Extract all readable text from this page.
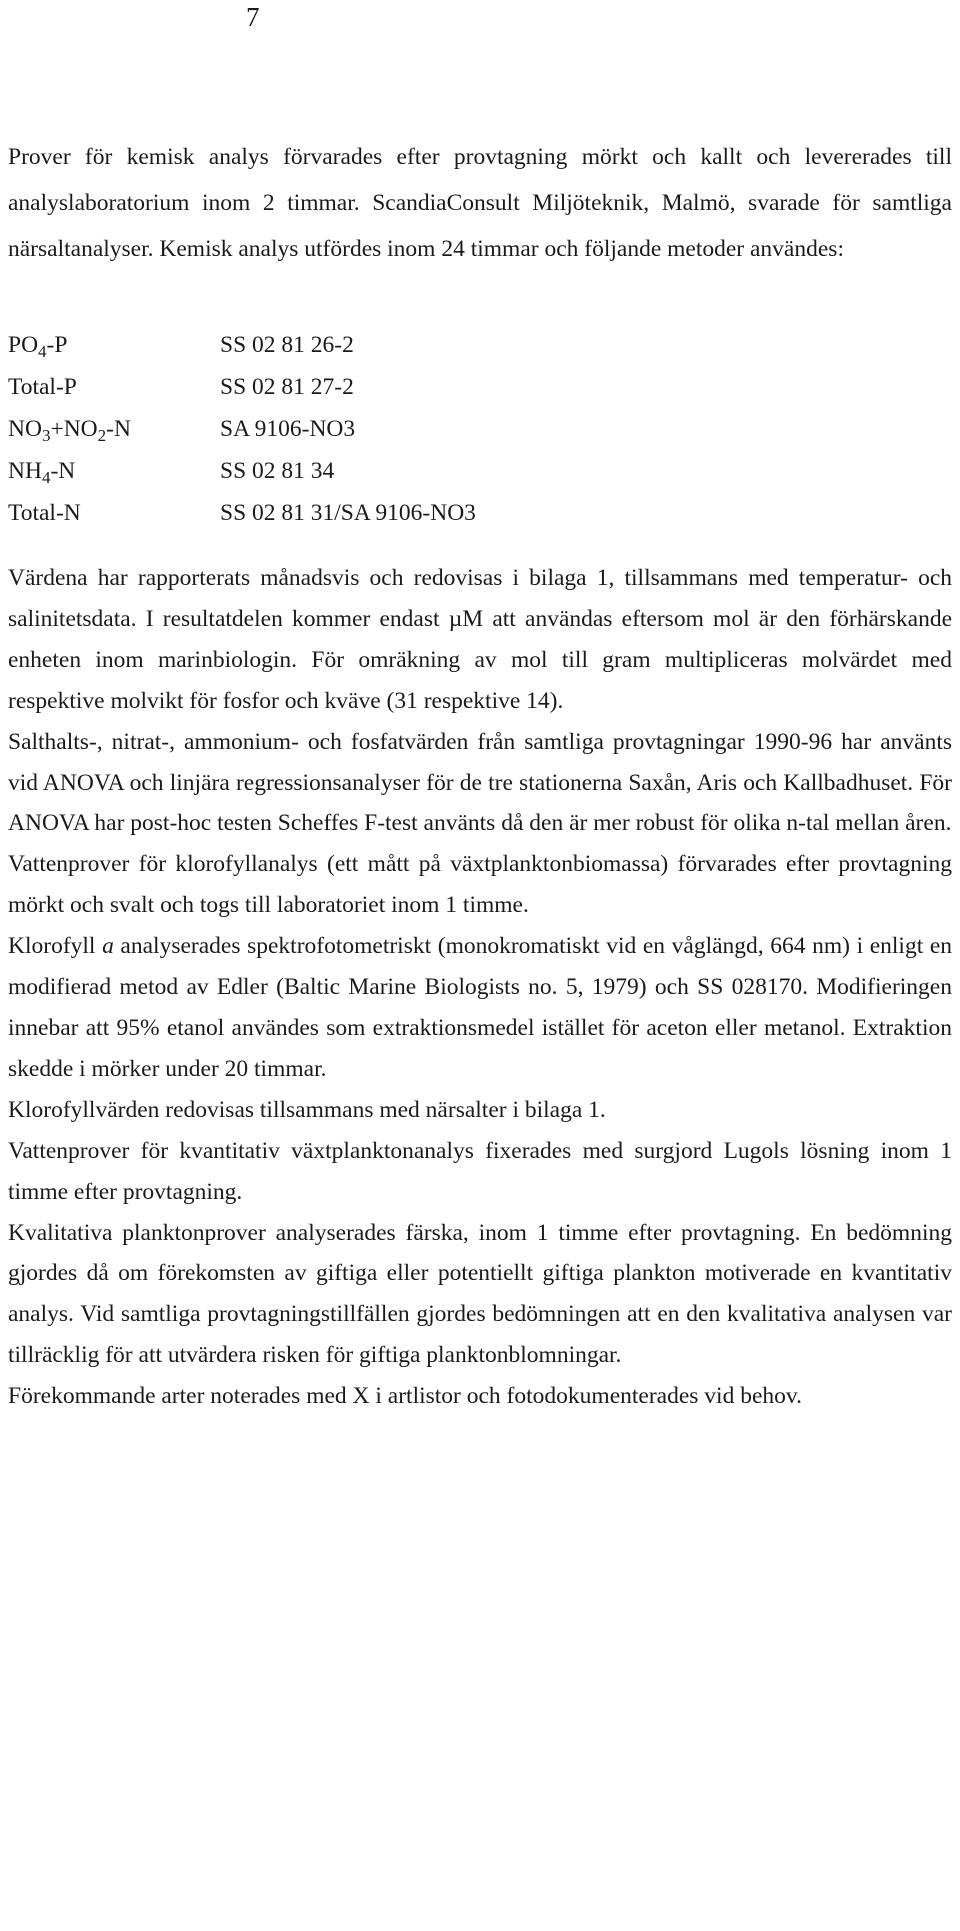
7

Prover för kemisk analys förvarades efter provtagning mörkt och kallt och levererades till analyslaboratorium inom 2 timmar. ScandiaConsult Miljöteknik, Malmö, svarade för samtliga närsaltanalyser. Kemisk analys utfördes inom 24 timmar och följande metoder användes:

$PO_4-P$	SS 02 81 26-2
Total-P	SS 02 81 27-2
$NO_3+NO_2-N$	SA 9106-NO3
$NH_4-N$	SS 02 81 34
Total-N	SS 02 81 31/SA 9106-NO3

Värdena har rapporterats månadsvis och redovisas i bilaga 1, tillsammans med temperatur- och salinitetsdata. I resultatdelen kommer endast µM att användas eftersom mol är den förhärskande enheten inom marinbiologin. För omräkning av mol till gram multipliceras molvärdet med respektive molvikt för fosfor och kväve (31 respektive 14).

Salthalts-, nitrat-, ammonium- och fosfatvärden från samtliga provtagningar 1990-96 har använts vid ANOVA och linjära regressionsanalyser för de tre stationerna Saxån, Aris och Kallbadhuset. För ANOVA har post-hoc testen Scheffes F-test använts då den är mer robust för olika n-tal mellan åren.

Vattenprover för klorofyllanalys (ett mått på växtplanktonbiomassa) förvarades efter provtagning mörkt och svalt och togs till laboratoriet inom 1 timme.

Klorofyll a analyserades spektrofotometriskt (monokromatiskt vid en våglängd, 664 nm) i enligt en modifierad metod av Edler (Baltic Marine Biologists no. 5, 1979) och SS 028170. Modifieringen innebar att 95% etanol användes som extraktionsmedel istället för aceton eller metanol. Extraktion skedde i mörker under 20 timmar.

Klorofyllvärden redovisas tillsammans med närsalter i bilaga 1.

Vattenprover för kvantitativ växtplanktonanalys fixerades med surgjord Lugols lösning inom 1 timme efter provtagning.

Kvalitativa planktonprover analyserades färska, inom 1 timme efter provtagning. En bedömning gjordes då om förekomsten av giftiga eller potentiellt giftiga plankton motiverade en kvantitativ analys. Vid samtliga provtagningstillfällen gjordes bedömningen att en den kvalitativa analysen var tillräcklig för att utvärdera risken för giftiga planktonblomningar.

Förekommande arter noterades med X i artlistor och fotodokumenterades vid behov.
